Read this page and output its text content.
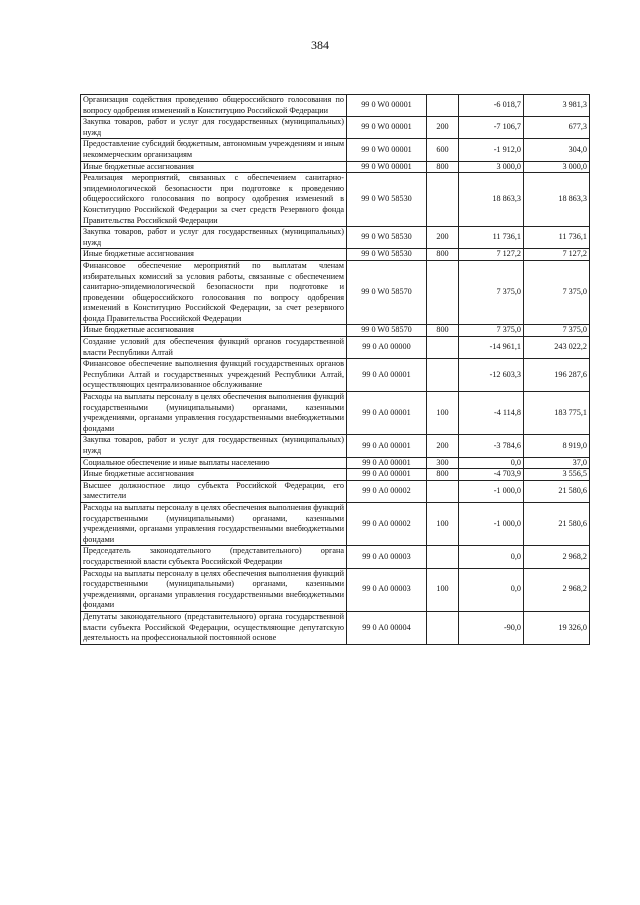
384
Организация содействия проведению общероссийского голосования по вопросу одобрения изменений в Конституцию Российской Федерации	99 0 W0 00001		-6 018,7	3 981,3
Закупка товаров, работ и услуг для государственных (муниципальных) нужд	99 0 W0 00001	200	-7 106,7	677,3
Предоставление субсидий бюджетным, автономным учреждениям и иным некоммерческим организациям	99 0 W0 00001	600	-1 912,0	304,0
Иные бюджетные ассигнования	99 0 W0 00001	800	3 000,0	3 000,0
Реализация мероприятий, связанных с обеспечением санитарно-эпидемиологической безопасности при подготовке к проведению общероссийского голосования по вопросу одобрения изменений в Конституцию Российской Федерации за счет средств Резервного фонда Правительства Российской Федерации	99 0 W0 58530		18 863,3	18 863,3
Закупка товаров, работ и услуг для государственных (муниципальных) нужд	99 0 W0 58530	200	11 736,1	11 736,1
Иные бюджетные ассигнования	99 0 W0 58530	800	7 127,2	7 127,2
Финансовое обеспечение мероприятий по выплатам членам избирательных комиссий за условия работы, связанные с обеспечением санитарно-эпидемиологической безопасности при подготовке и проведении общероссийского голосования по вопросу одобрения изменений в Конституцию Российской Федерации, за счет резервного фонда Правительства Российской Федерации	99 0 W0 58570		7 375,0	7 375,0
Иные бюджетные ассигнования	99 0 W0 58570	800	7 375,0	7 375,0
Создание условий для обеспечения функций органов государственной власти Республики Алтай	99 0 A0 00000		-14 961,1	243 022,2
Финансовое обеспечение выполнения функций государственных органов Республики Алтай и государственных учреждений Республики Алтай, осуществляющих централизованное обслуживание	99 0 A0 00001		-12 603,3	196 287,6
Расходы на выплаты персоналу в целях обеспечения выполнения функций государственными (муниципальными) органами, казенными учреждениями, органами управления государственными внебюджетными фондами	99 0 A0 00001	100	-4 114,8	183 775,1
Закупка товаров, работ и услуг для государственных (муниципальных) нужд	99 0 A0 00001	200	-3 784,6	8 919,0
Социальное обеспечение и иные выплаты населению	99 0 A0 00001	300	0,0	37,0
Иные бюджетные ассигнования	99 0 A0 00001	800	-4 703,9	3 556,5
Высшее должностное лицо субъекта Российской Федерации, его заместители	99 0 A0 00002		-1 000,0	21 580,6
Расходы на выплаты персоналу в целях обеспечения выполнения функций государственными (муниципальными) органами, казенными учреждениями, органами управления государственными внебюджетными фондами	99 0 A0 00002	100	-1 000,0	21 580,6
Председатель законодательного (представительного) органа государственной власти субъекта Российской Федерации	99 0 A0 00003		0,0	2 968,2
Расходы на выплаты персоналу в целях обеспечения выполнения функций государственными (муниципальными) органами, казенными учреждениями, органами управления государственными внебюджетными фондами	99 0 A0 00003	100	0,0	2 968,2
Депутаты законодательного (представительного) органа государственной власти субъекта Российской Федерации, осуществляющие депутатскую деятельность на профессиональной постоянной основе	99 0 A0 00004		-90,0	19 326,0
